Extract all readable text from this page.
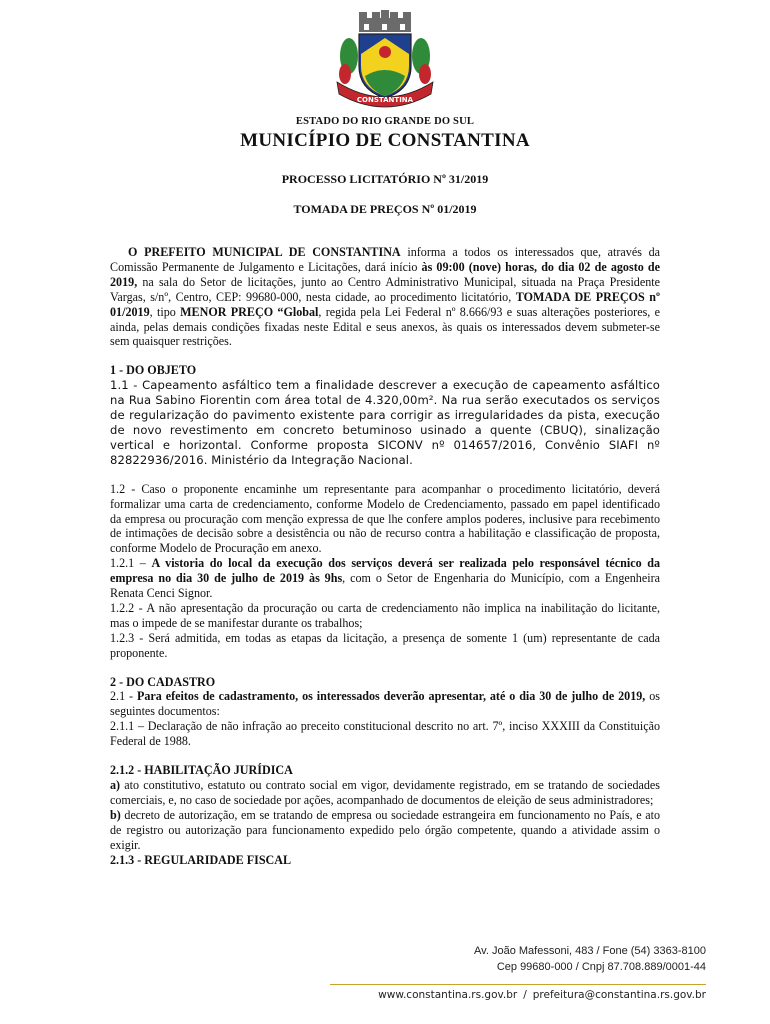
CONSTANTINA
ESTADO DO RIO GRANDE DO SUL
MUNICÍPIO DE CONSTANTINA
PROCESSO LICITATÓRIO Nº 31/2019
TOMADA DE PREÇOS Nº 01/2019

O PREFEITO MUNICIPAL DE CONSTANTINA informa a todos os interessados que, através da Comissão Permanente de Julgamento e Licitações, dará início às 09:00 (nove) horas, do dia 02 de agosto de 2019, na sala do Setor de licitações, junto ao Centro Administrativo Municipal, situada na Praça Presidente Vargas, s/nº, Centro, CEP: 99680-000, nesta cidade, ao procedimento licitatório, TOMADA DE PREÇOS nº 01/2019, tipo MENOR PREÇO “Global, regida pela Lei Federal nº 8.666/93 e suas alterações posteriores, e ainda, pelas demais condições fixadas neste Edital e seus anexos, às quais os interessados devem submeter-se sem quaisquer restrições.

1 - DO OBJETO

1.1 - Capeamento asfáltico tem a finalidade descrever a execução de capeamento asfáltico na Rua Sabino Fiorentin com área total de 4.320,00m². Na rua serão executados os serviços de regularização do pavimento existente para corrigir as irregularidades da pista, execução de novo revestimento em concreto betuminoso usinado a quente (CBUQ), sinalização vertical e horizontal. Conforme proposta SICONV nº 014657/2016, Convênio SIAFI nº 82822936/2016. Ministério da Integração Nacional.

1.2 - Caso o proponente encaminhe um representante para acompanhar o procedimento licitatório, deverá formalizar uma carta de credenciamento, conforme Modelo de Credenciamento, passado em papel identificado da empresa ou procuração com menção expressa de que lhe confere amplos poderes, inclusive para recebimento de intimações de decisão sobre a desistência ou não de recurso contra a habilitação e classificação de proposta, conforme Modelo de Procuração em anexo.

1.2.1 – A vistoria do local da execução dos serviços deverá ser realizada pelo responsável técnico da empresa no dia 30 de julho de 2019 às 9hs, com o Setor de Engenharia do Município, com a Engenheira Renata Cenci Signor.

1.2.2 - A não apresentação da procuração ou carta de credenciamento não implica na inabilitação do licitante, mas o impede de se manifestar durante os trabalhos;

1.2.3 - Será admitida, em todas as etapas da licitação, a presença de somente 1 (um) representante de cada proponente.

2 - DO CADASTRO

2.1 - Para efeitos de cadastramento, os interessados deverão apresentar, até o dia 30 de julho de 2019, os seguintes documentos:

2.1.1 – Declaração de não infração ao preceito constitucional descrito no art. 7º, inciso XXXIII da Constituição Federal de 1988.

2.1.2 - HABILITAÇÃO JURÍDICA

a) ato constitutivo, estatuto ou contrato social em vigor, devidamente registrado, em se tratando de sociedades comerciais, e, no caso de sociedade por ações, acompanhado de documentos de eleição de seus administradores;

b) decreto de autorização, em se tratando de empresa ou sociedade estrangeira em funcionamento no País, e ato de registro ou autorização para funcionamento expedido pelo órgão competente, quando a atividade assim o exigir.

2.1.3 - REGULARIDADE FISCAL

Av. João Mafessoni, 483 / Fone (54) 3363-8100
Cep 99680-000 / Cnpj 87.708.889/0001-44
www.constantina.rs.gov.br / prefeitura@constantina.rs.gov.br
